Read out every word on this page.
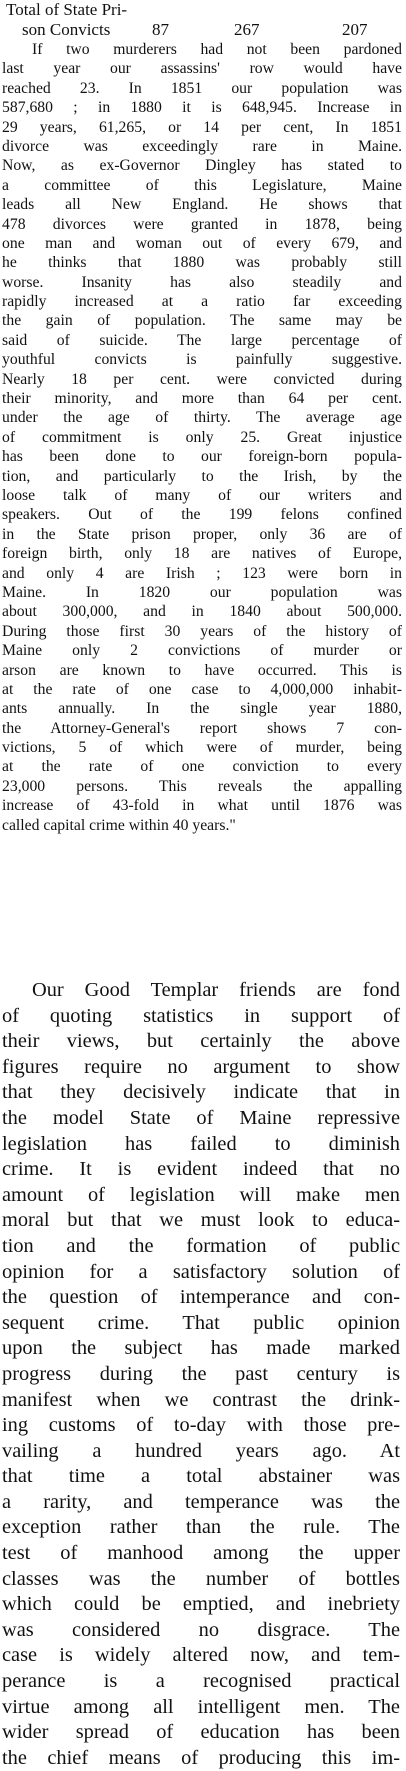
Total of State Pri-
son Convicts 87	267	207
If two murderers had not been pardoned
last year our assassins' row would have
reached 23. In 1851 our population was
587,680 ; in 1880 it is 648,945. Increase in
29 years, 61,265, or 14 per cent, In 1851
divorce was exceedingly rare in Maine.
Now, as ex-Governor Dingley has stated to
a committee of this Legislature, Maine
leads all New England. He shows that
478 divorces were granted in 1878, being
one man and woman out of every 679, and
he thinks that 1880 was probably still
worse. Insanity has also steadily and
rapidly increased at a ratio far exceeding
the gain of population. The same may be
said of suicide. The large percentage of
youthful convicts is painfully suggestive.
Nearly 18 per cent. were convicted during
their minority, and more than 64 per cent.
under the age of thirty. The average age
of commitment is only 25. Great injustice
has been done to our foreign-born popula-
tion, and particularly to the Irish, by the
loose talk of many of our writers and
speakers. Out of the 199 felons confined
in the State prison proper, only 36 are of
foreign birth, only 18 are natives of Europe,
and only 4 are Irish ; 123 were born in
Maine. In 1820 our population was
about 300,000, and in 1840 about 500,000.
During those first 30 years of the history of
Maine only 2 convictions of murder or
arson are known to have occurred. This is
at the rate of one case to 4,000,000 inhabit-
ants annually. In the single year 1880,
the Attorney-General's report shows 7 con-
victions, 5 of which were of murder, being
at the rate of one conviction to every
23,000 persons. This reveals the appalling
increase of 43-fold in what until 1876 was
called capital crime within 40 years."
Our Good Templar friends are fond
of quoting statistics in support of
their views, but certainly the above
figures require no argument to show
that they decisively indicate that in
the model State of Maine repressive
legislation has failed to diminish
crime. It is evident indeed that no
amount of legislation will make men
moral but that we must look to educa-
tion and the formation of public
opinion for a satisfactory solution of
the question of intemperance and con-
sequent crime. That public opinion
upon the subject has made marked
progress during the past century is
manifest when we contrast the drink-
ing customs of to-day with those pre-
vailing a hundred years ago. At
that time a total abstainer was
a rarity, and temperance was the
exception rather than the rule. The
test of manhood among the upper
classes was the number of bottles
which could be emptied, and inebriety
was considered no disgrace. The
case is widely altered now, and tem-
perance is a recognised practical
virtue among all intelligent men. The
wider spread of education has been
the chief means of producing this im-
